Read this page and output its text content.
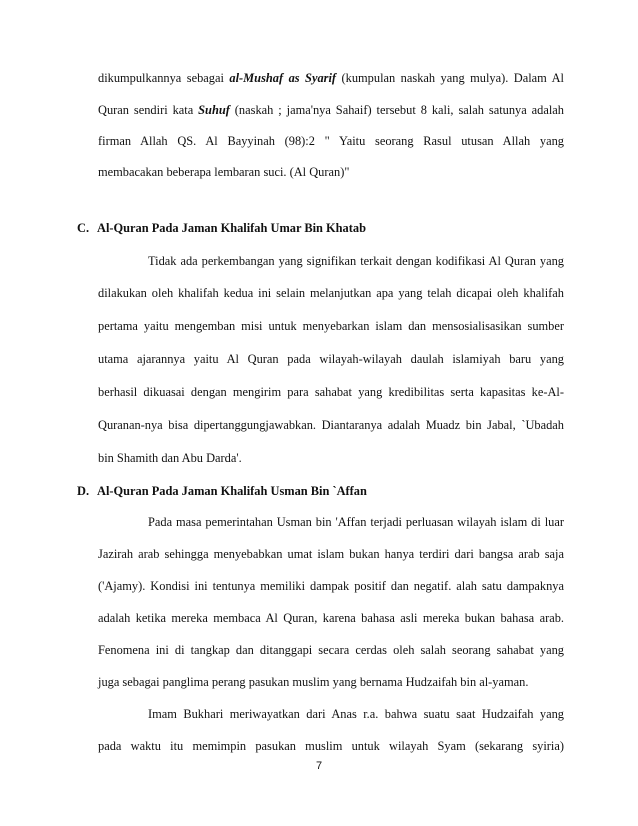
dikumpulkannya sebagai al-Mushaf as Syarif (kumpulan naskah yang mulya). Dalam Al
Quran sendiri kata Suhuf (naskah ; jama'nya Sahaif) tersebut 8 kali, salah satunya adalah
firman Allah QS. Al Bayyinah (98):2 " Yaitu seorang Rasul utusan Allah yang
membacakan beberapa lembaran suci. (Al Quran)"
C. Al-Quran Pada Jaman Khalifah Umar Bin Khatab
Tidak ada perkembangan yang signifikan terkait dengan kodifikasi Al Quran yang
dilakukan oleh khalifah kedua ini selain melanjutkan apa yang telah dicapai oleh khalifah
pertama yaitu mengemban misi untuk menyebarkan islam dan mensosialisasikan sumber
utama ajarannya yaitu Al Quran pada wilayah-wilayah daulah islamiyah baru yang
berhasil dikuasai dengan mengirim para sahabat yang kredibilitas serta kapasitas ke-Al-
Quranan-nya bisa dipertanggungjawabkan. Diantaranya adalah Muadz bin Jabal, `Ubadah
bin Shamith dan Abu Darda'.
D. Al-Quran Pada Jaman Khalifah Usman Bin `Affan
Pada masa pemerintahan Usman bin 'Affan terjadi perluasan wilayah islam di luar
Jazirah arab sehingga menyebabkan umat islam bukan hanya terdiri dari bangsa arab saja
('Ajamy). Kondisi ini tentunya memiliki dampak positif dan negatif. alah satu dampaknya
adalah ketika mereka membaca Al Quran, karena bahasa asli mereka bukan bahasa arab.
Fenomena ini di tangkap dan ditanggapi secara cerdas oleh salah seorang sahabat yang
juga sebagai panglima perang pasukan muslim yang bernama Hudzaifah bin al-yaman.
Imam Bukhari meriwayatkan dari Anas r.a. bahwa suatu saat Hudzaifah yang
pada waktu itu memimpin pasukan muslim untuk wilayah Syam (sekarang syiria)
7
